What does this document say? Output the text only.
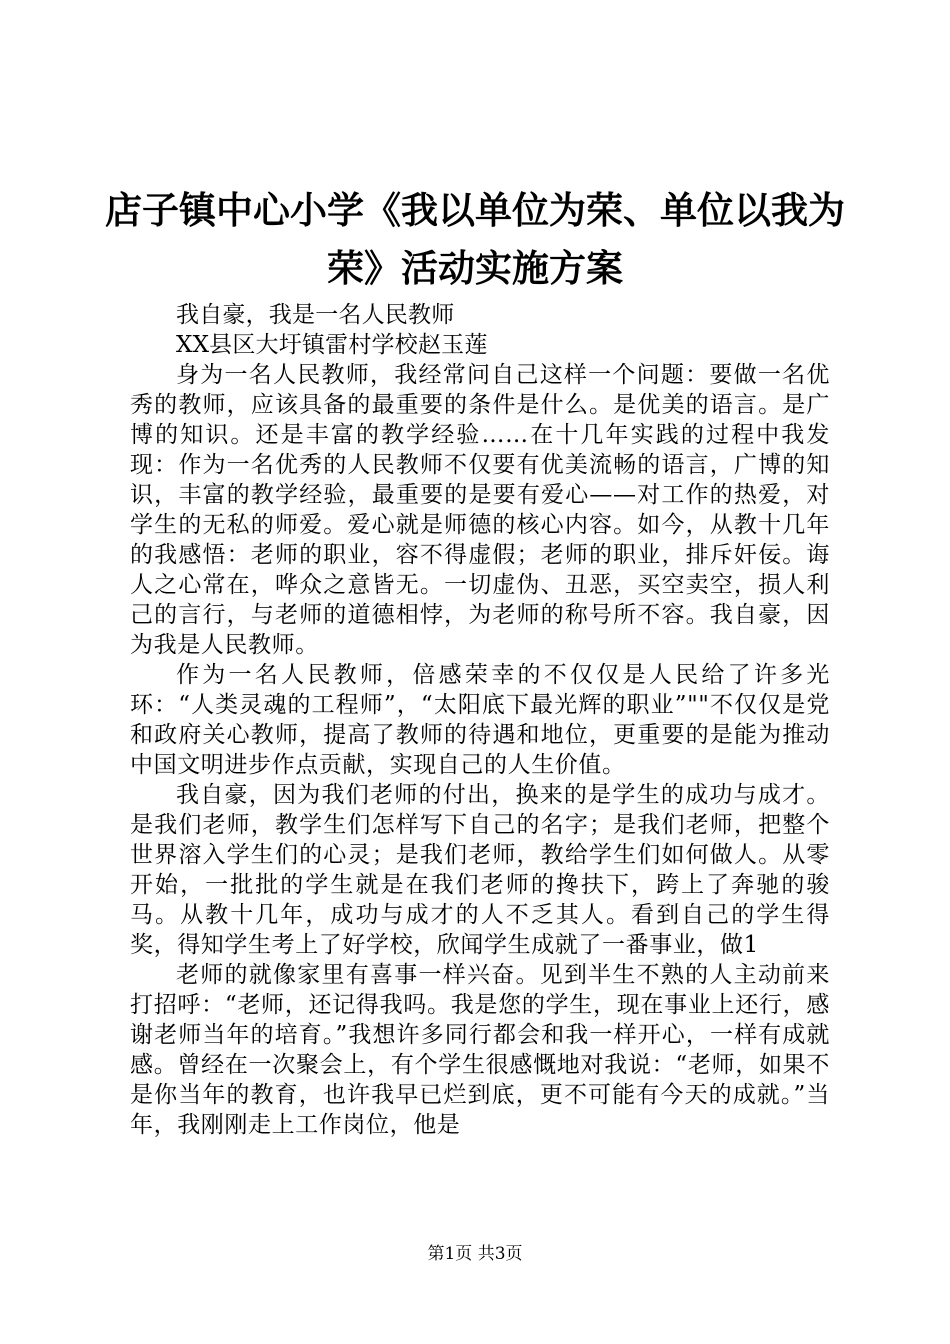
店子镇中心小学《我以单位为荣、单位以我为
荣》活动实施方案

我自豪，我是一名人民教师

XX县区大圩镇雷村学校赵玉莲

身为一名人民教师，我经常问自己这样一个问题：要做一名优秀的教师，应该具备的最重要的条件是什么。是优美的语言。是广博的知识。还是丰富的教学经验……在十几年实践的过程中我发现：作为一名优秀的人民教师不仅要有优美流畅的语言，广博的知识，丰富的教学经验，最重要的是要有爱心——对工作的热爱，对学生的无私的师爱。爱心就是师德的核心内容。如今，从教十几年的我感悟：老师的职业，容不得虚假；老师的职业，排斥奸佞。诲人之心常在，哗众之意皆无。一切虚伪、丑恶，买空卖空，损人利己的言行，与老师的道德相悖，为老师的称号所不容。我自豪，因为我是人民教师。

作为一名人民教师，倍感荣幸的不仅仅是人民给了许多光环：“人类灵魂的工程师”，“太阳底下最光辉的职业”""不仅仅是党和政府关心教师，提高了教师的待遇和地位，更重要的是能为推动中国文明进步作点贡献，实现自己的人生价值。

我自豪，因为我们老师的付出，换来的是学生的成功与成才。是我们老师，教学生们怎样写下自己的名字；是我们老师，把整个世界溶入学生们的心灵；是我们老师，教给学生们如何做人。从零开始，一批批的学生就是在我们老师的搀扶下，跨上了奔驰的骏马。从教十几年，成功与成才的人不乏其人。看到自己的学生得奖，得知学生考上了好学校，欣闻学生成就了一番事业，做1

老师的就像家里有喜事一样兴奋。见到半生不熟的人主动前来打招呼：“老师，还记得我吗。我是您的学生，现在事业上还行，感谢老师当年的培育。”我想许多同行都会和我一样开心，一样有成就感。曾经在一次聚会上，有个学生很感慨地对我说：“老师，如果不是你当年的教育，也许我早已烂到底，更不可能有今天的成就。”当年，我刚刚走上工作岗位，他是

第1页 共3页
